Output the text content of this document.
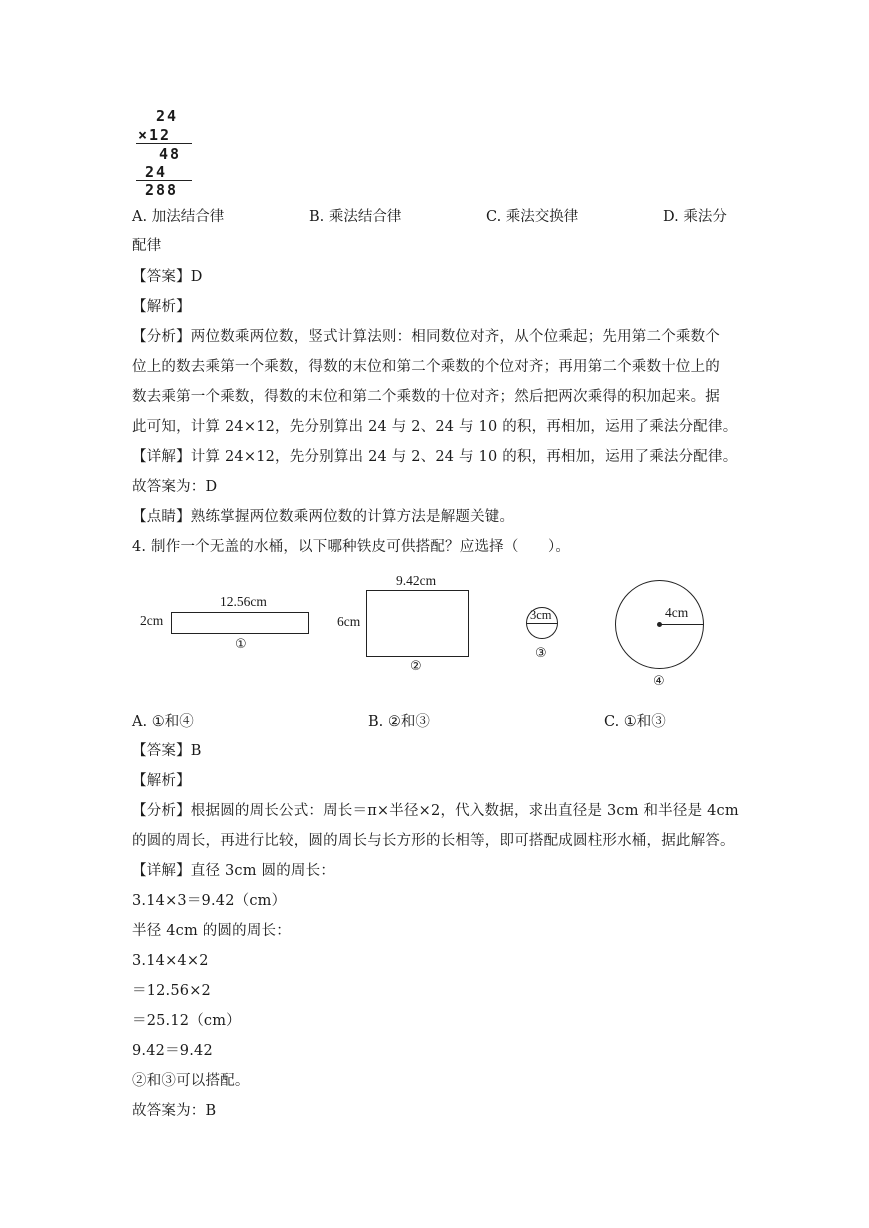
24
×12
48
24
288
A. 加法结合律	B. 乘法结合律	C. 乘法交换律	D. 乘法分
配律
【答案】D
【解析】
【分析】两位数乘两位数，竖式计算法则：相同数位对齐，从个位乘起；先用第二个乘数个
位上的数去乘第一个乘数，得数的末位和第二个乘数的个位对齐；再用第二个乘数十位上的
数去乘第一个乘数，得数的末位和第二个乘数的十位对齐；然后把两次乘得的积加起来。据
此可知，计算 24×12，先分别算出 24 与 2、24 与 10 的积，再相加，运用了乘法分配律。
【详解】计算 24×12，先分别算出 24 与 2、24 与 10 的积，再相加，运用了乘法分配律。
故答案为：D
【点睛】熟练掌握两位数乘两位数的计算方法是解题关键。
4. 制作一个无盖的水桶，以下哪种铁皮可供搭配？应选择（　　）。
12.56cm
2cm
①
9.42cm
6cm
②
3cm
③
4cm
④
A. ①和④	B. ②和③	C. ①和③
【答案】B
【解析】
【分析】根据圆的周长公式：周长＝π×半径×2，代入数据，求出直径是 3cm 和半径是 4cm
的圆的周长，再进行比较，圆的周长与长方形的长相等，即可搭配成圆柱形水桶，据此解答。
【详解】直径 3cm 圆的周长：
3.14×3＝9.42（cm）
半径 4cm 的圆的周长：
3.14×4×2
＝12.56×2
＝25.12（cm）
9.42＝9.42
②和③可以搭配。
故答案为：B
